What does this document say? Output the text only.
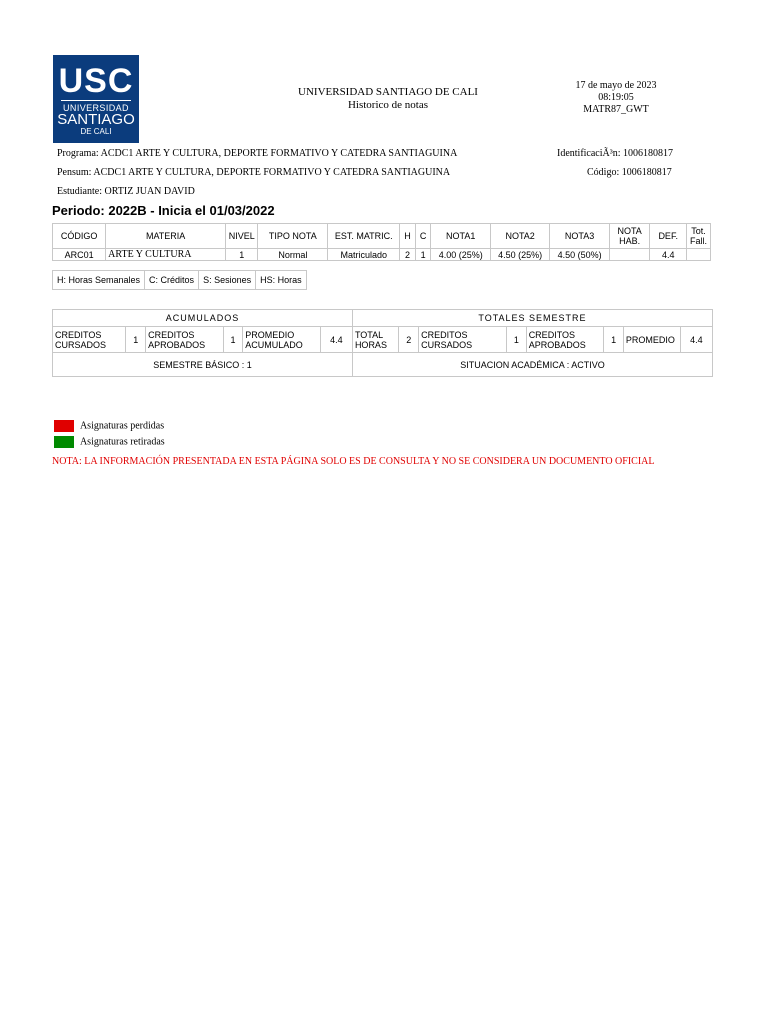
USC
UNIVERSIDAD
SANTIAGO
DE CALI
UNIVERSIDAD SANTIAGO DE CALI
Historico de notas
17 de mayo de 2023
08:19:05
MATR87_GWT
Programa: ACDC1 ARTE Y CULTURA, DEPORTE FORMATIVO Y CATEDRA SANTIAGUINA
Pensum: ACDC1 ARTE Y CULTURA, DEPORTE FORMATIVO Y CATEDRA SANTIAGUINA
Estudiante: ORTIZ JUAN DAVID
IdentificaciÃ³n: 1006180817
Código: 1006180817
Periodo: 2022B - Inicia el 01/03/2022
CÓDIGO	MATERIA	NIVEL	TIPO NOTA	EST. MATRIC.	H	C	NOTA1	NOTA2	NOTA3	NOTA HAB.	DEF.	Tot. Fall.
ARC01	ARTE Y CULTURA	1	Normal	Matriculado	2	1	4.00 (25%)	4.50 (25%)	4.50 (50%)		4.4	
H: Horas Semanales	C: Créditos	S: Sesiones	HS: Horas
ACUMULADOS						TOTALES SEMESTRE							
CREDITOS CURSADOS	1	CREDITOS APROBADOS	1	PROMEDIO ACUMULADO	4.4	TOTAL HORAS	2	CREDITOS CURSADOS	1	CREDITOS APROBADOS	1	PROMEDIO	4.4
SEMESTRE BÁSICO : 1						SITUACION ACADÉMICA : ACTIVO							
Asignaturas perdidas
Asignaturas retiradas
NOTA: LA INFORMACIÓN PRESENTADA EN ESTA PÁGINA SOLO ES DE CONSULTA Y NO SE CONSIDERA UN DOCUMENTO OFICIAL
